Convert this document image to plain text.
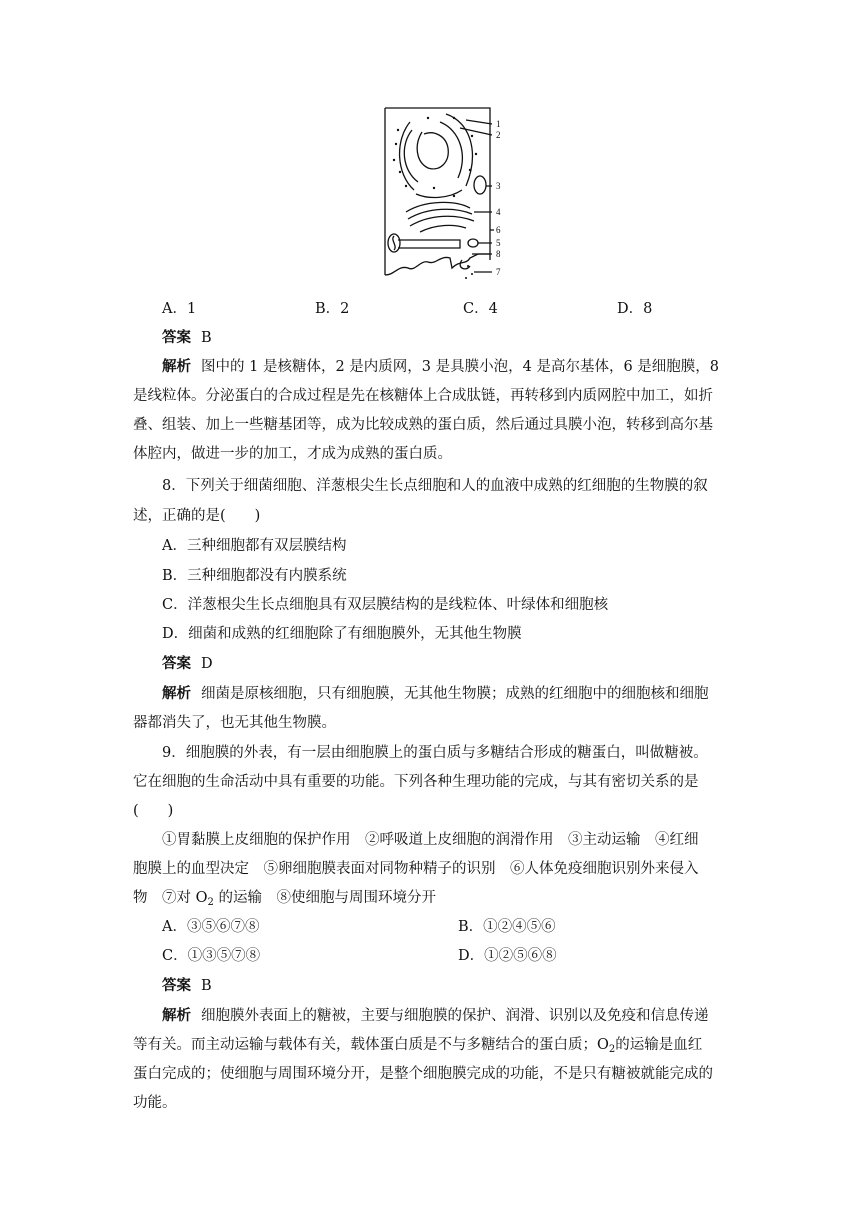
1
2
3
4
6
5
8
7
A．1	B．2	C．4	D．8
答案 B
解析 图中的 1 是核糖体，2 是内质网，3 是具膜小泡，4 是高尔基体，6 是细胞膜，8
是线粒体。分泌蛋白的合成过程是先在核糖体上合成肽链，再转移到内质网腔中加工，如折
叠、组装、加上一些糖基团等，成为比较成熟的蛋白质，然后通过具膜小泡，转移到高尔基
体腔内，做进一步的加工，才成为成熟的蛋白质。
8．下列关于细菌细胞、洋葱根尖生长点细胞和人的血液中成熟的红细胞的生物膜的叙
述，正确的是(　　)
A．三种细胞都有双层膜结构
B．三种细胞都没有内膜系统
C．洋葱根尖生长点细胞具有双层膜结构的是线粒体、叶绿体和细胞核
D．细菌和成熟的红细胞除了有细胞膜外，无其他生物膜
答案 D
解析 细菌是原核细胞，只有细胞膜，无其他生物膜；成熟的红细胞中的细胞核和细胞
器都消失了，也无其他生物膜。
9．细胞膜的外表，有一层由细胞膜上的蛋白质与多糖结合形成的糖蛋白，叫做糖被。
它在细胞的生命活动中具有重要的功能。下列各种生理功能的完成，与其有密切关系的是
(　　)
①胃黏膜上皮细胞的保护作用　②呼吸道上皮细胞的润滑作用　③主动运输　④红细
胞膜上的血型决定　⑤卵细胞膜表面对同物种精子的识别　⑥人体免疫细胞识别外来侵入
物　⑦对 $O_2$ 的运输　⑧使细胞与周围环境分开
A．③⑤⑥⑦⑧	B．①②④⑤⑥
C．①③⑤⑦⑧	D．①②⑤⑥⑧
答案 B
解析 细胞膜外表面上的糖被，主要与细胞膜的保护、润滑、识别以及免疫和信息传递
等有关。而主动运输与载体有关，载体蛋白质是不与多糖结合的蛋白质；$O_2$的运输是血红
蛋白完成的；使细胞与周围环境分开，是整个细胞膜完成的功能，不是只有糖被就能完成的
功能。
